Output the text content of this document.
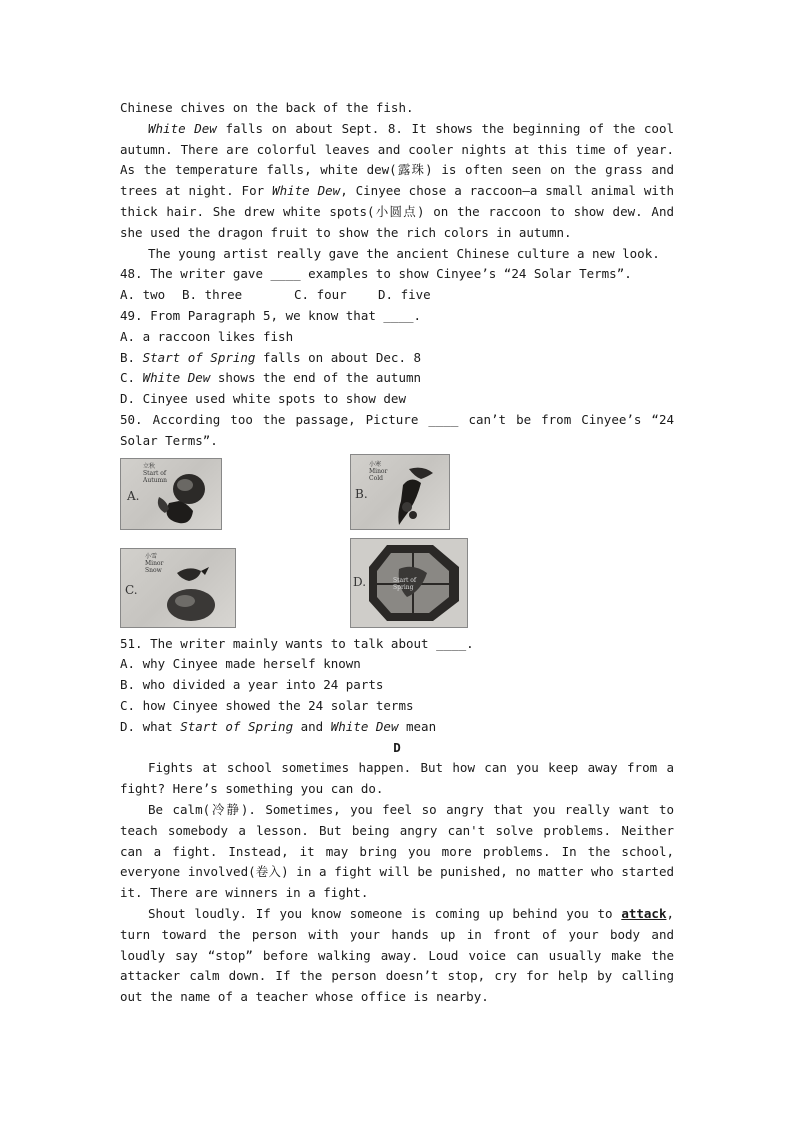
Chinese chives on the back of the fish.
White Dew falls on about Sept. 8. It shows the beginning of the cool autumn. There are colorful leaves and cooler nights at this time of year. As the temperature falls, white dew(露珠) is often seen on the grass and trees at night. For White Dew, Cinyee chose a raccoon—a small animal with thick hair. She drew white spots(小圆点) on the raccoon to show dew. And she used the dragon fruit to show the rich colors in autumn.
The young artist really gave the ancient Chinese culture a new look.
48. The writer gave ____ examples to show Cinyee’s “24 Solar Terms”.
A. two	B. three	C. four	D. five
49. From Paragraph 5, we know that ____.
A. a raccoon likes fish
B. Start of Spring falls on about Dec. 8
C. White Dew shows the end of the autumn
D. Cinyee used white spots to show dew
50. According too the passage, Picture ____ can’t be from Cinyee’s “24 Solar Terms”.
立秋
Start of
Autumn
A.
小寒
Minor
Cold
B.
小雪
Minor
Snow
C.
Start of
Spring
D.
51. The writer mainly wants to talk about ____.
A. why Cinyee made herself known
B. who divided a year into 24 parts
C. how Cinyee showed the 24 solar terms
D. what Start of Spring and White Dew mean
D
Fights at school sometimes happen. But how can you keep away from a fight? Here’s something you can do.
Be calm(冷静). Sometimes, you feel so angry that you really want to teach somebody a lesson. But being angry can't solve problems. Neither can a fight. Instead, it may bring you more problems. In the school, everyone involved(卷入) in a fight will be punished, no matter who started it. There are winners in a fight.
Shout loudly. If you know someone is coming up behind you to attack, turn toward the person with your hands up in front of your body and loudly say “stop” before walking away. Loud voice can usually make the attacker calm down. If the person doesn’t stop, cry for help by calling out the name of a teacher whose office is nearby.
